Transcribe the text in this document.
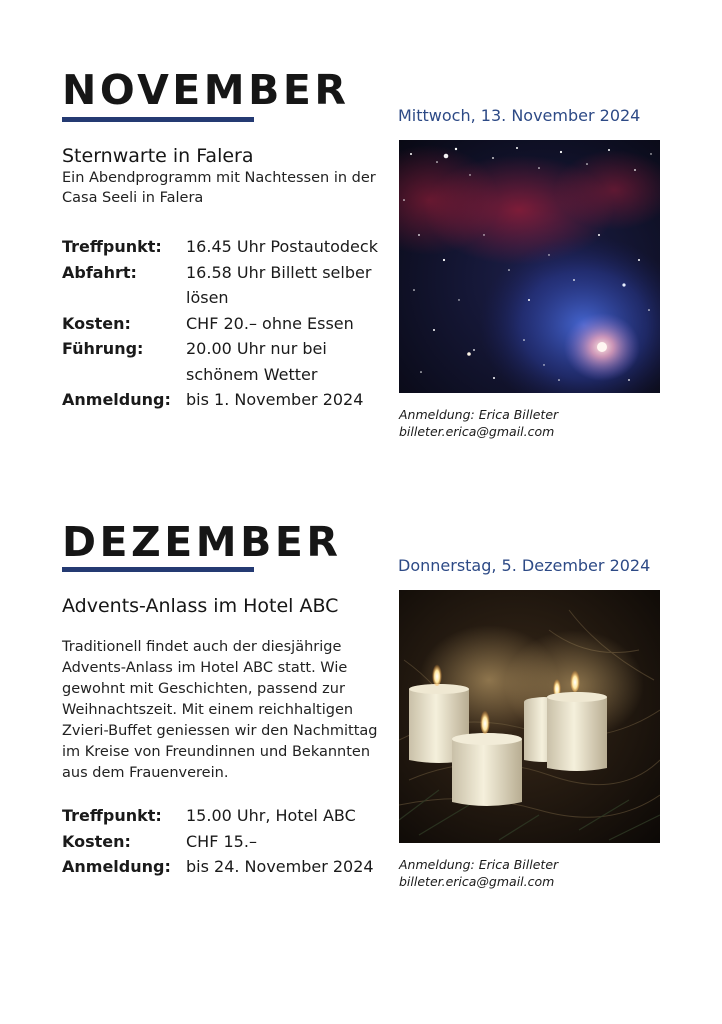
NOVEMBER
Mittwoch, 13. November 2024
Sternwarte in Falera
Ein Abendprogramm mit Nachtessen in der Casa Seeli in Falera
Treffpunkt:	16.45 Uhr Postautodeck
Abfahrt:	16.58 Uhr Billett selber lösen
Kosten:	CHF 20.– ohne Essen
Führung:	20.00 Uhr nur bei schönem Wetter
Anmeldung: bis 1. November 2024
Anmeldung: Erica Billeter
billeter.erica@gmail.com
DEZEMBER	Donnerstag, 5. Dezember 2024
Advents-Anlass im Hotel ABC
Traditionell findet auch der diesjährige Advents-Anlass im Hotel ABC statt. Wie gewohnt mit Geschichten, passend zur Weihnachtszeit. Mit einem reichhaltigen Zvieri-Buffet geniessen wir den Nachmittag im Kreise von Freundinnen und Bekannten aus dem Frauenverein.
Treffpunkt:	15.00 Uhr, Hotel ABC
Kosten:	CHF 15.–
Anmeldung: bis 24. November 2024	Anmeldung: Erica Billeter
billeter.erica@gmail.com
